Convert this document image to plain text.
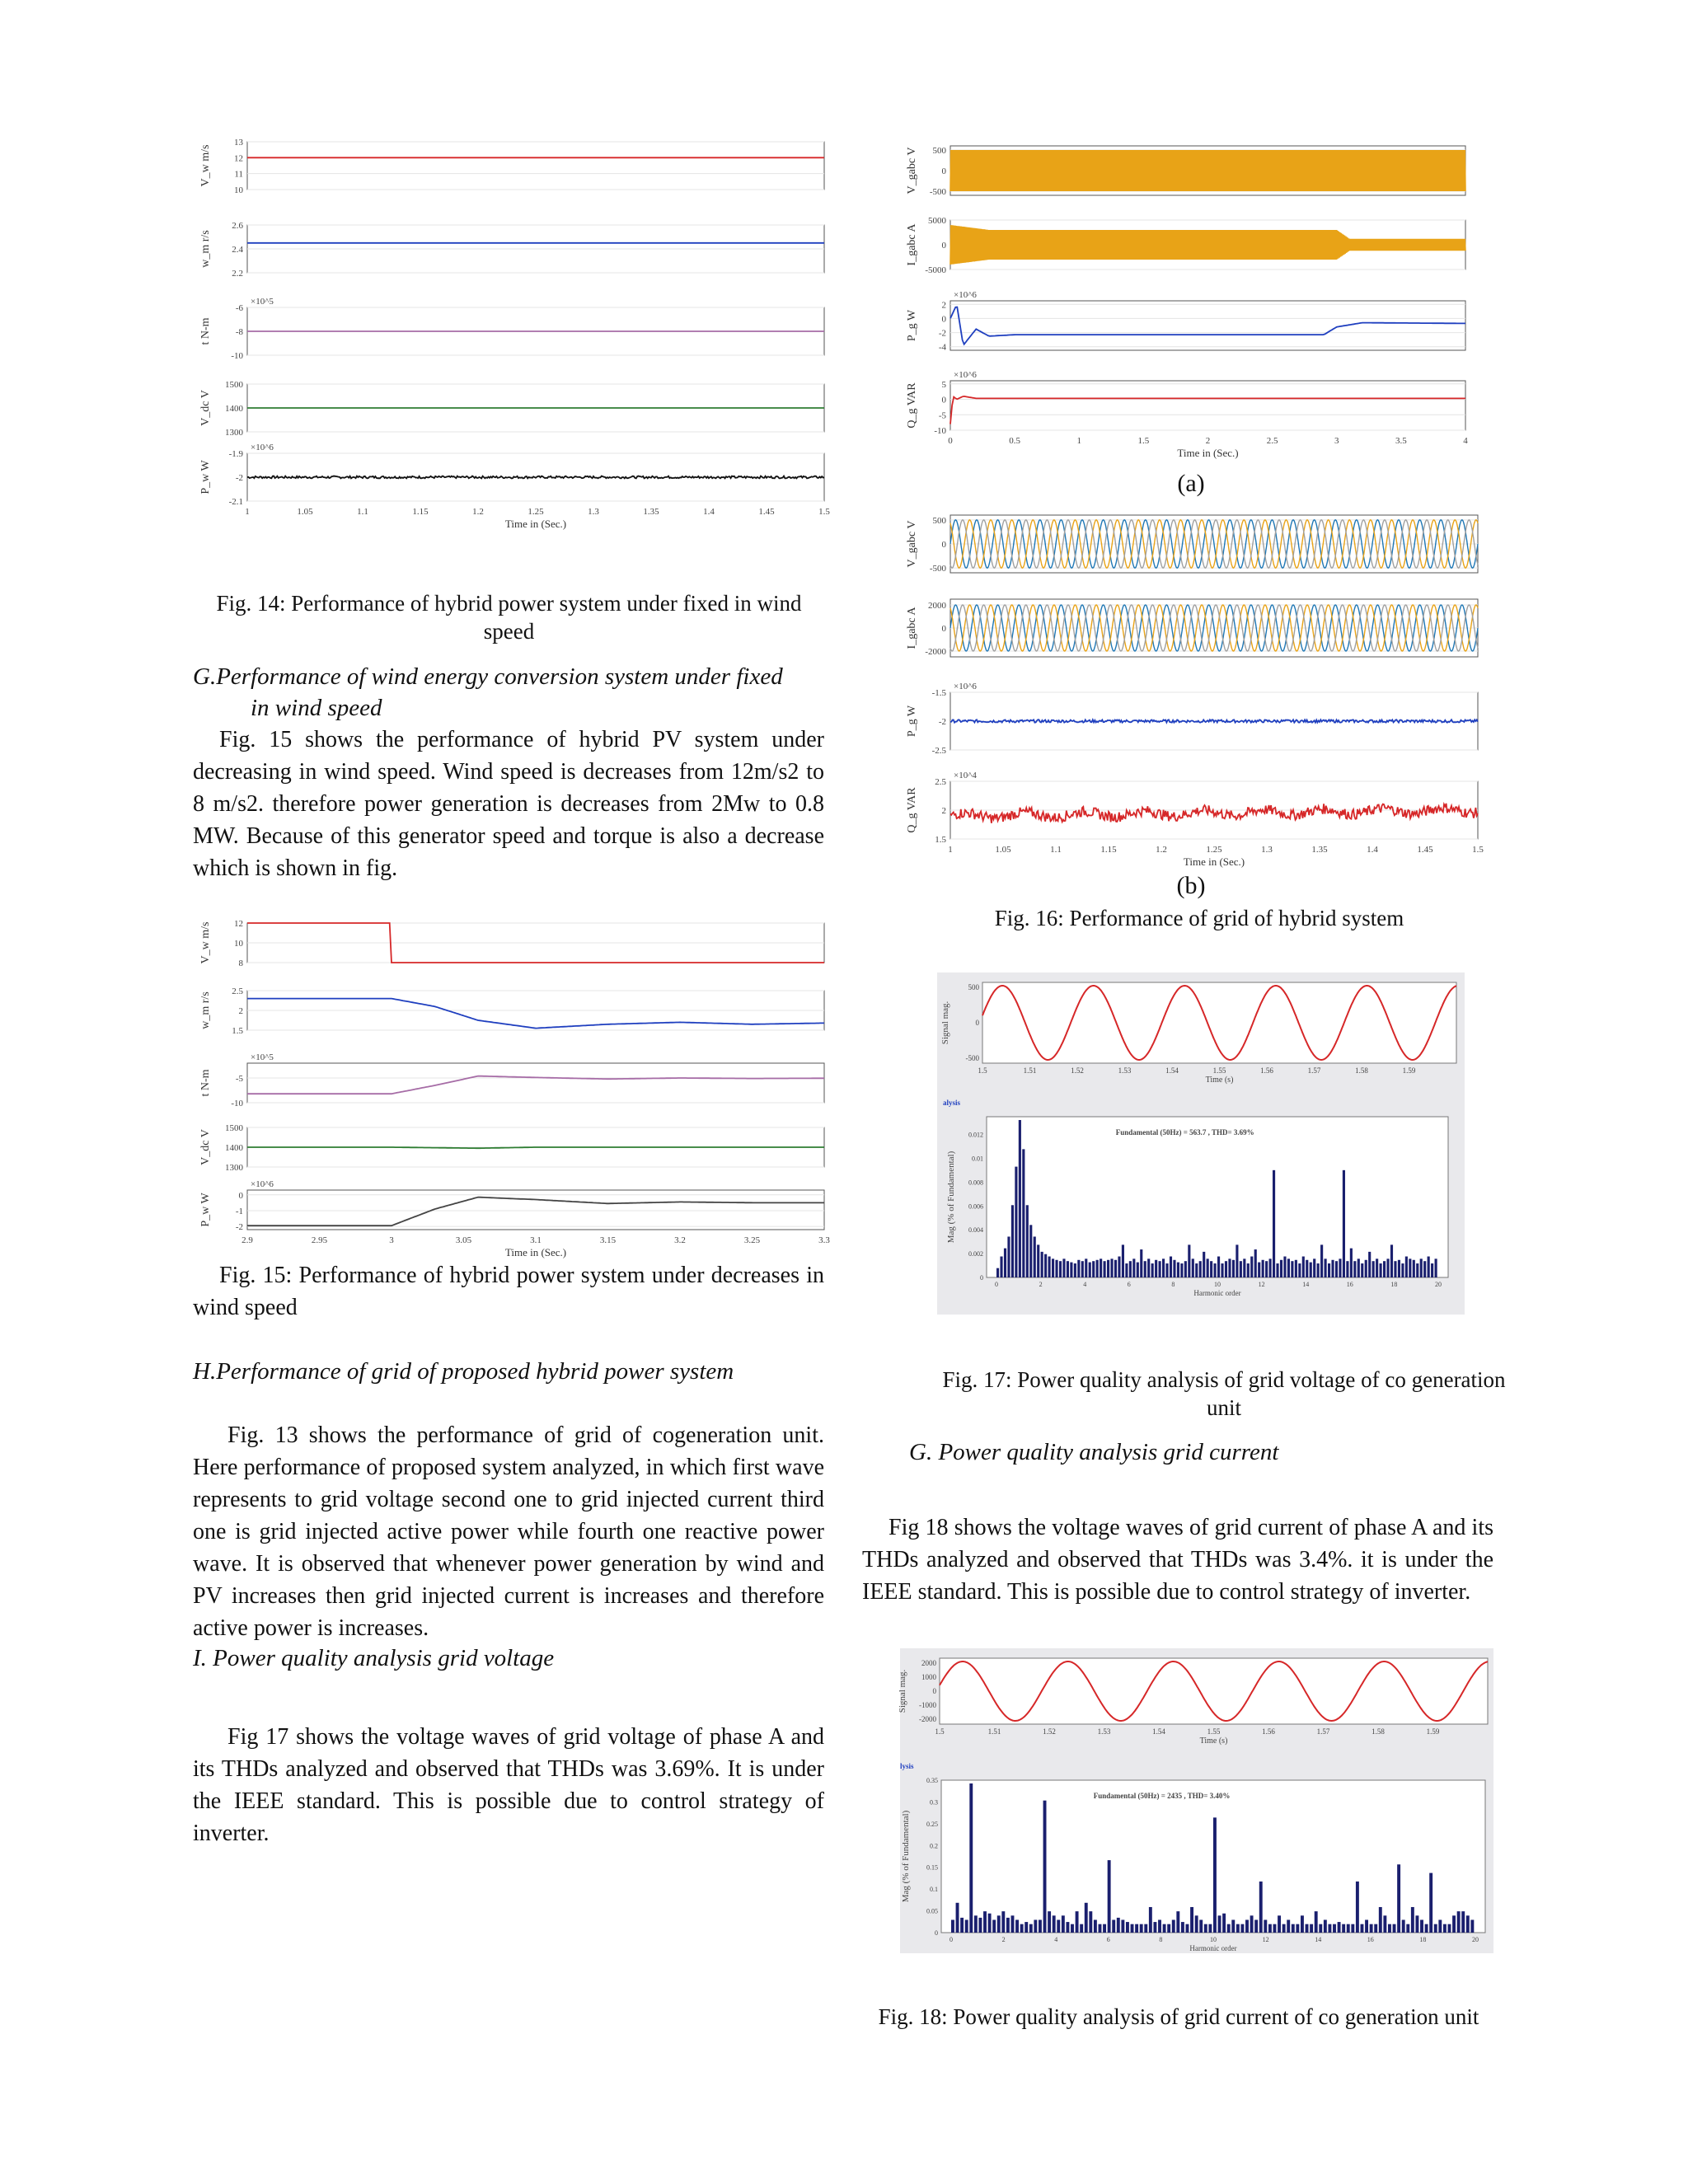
V_w m/s
13
12
11
10
w_m r/s
2.6
2.4
2.2
t N-m
×10^5
-6
-8
-10
V_dc V
1500
1400
1300
P_w W
×10^6
-1.9
-2
-2.1
1	1.05	1.1	1.15	1.2	1.25	1.3	1.35	1.4	1.45	1.5
Time in (Sec.)

Fig. 14: Performance of hybrid power system under fixed in wind speed

G.Performance of wind energy conversion system under fixed

in wind speed

Fig. 15 shows the performance of hybrid PV system under decreasing in wind speed. Wind speed is decreases from 12m/s2 to 8 m/s2. therefore power generation is decreases from 2Mw to 0.8 MW. Because of this generator speed and torque is also a decrease which is shown in fig.

V_w m/s 12
10
8
w_m r/s
2.5
2
1.5
t N-m
×10^5
-5
-10
V_dc V
1500
1400
1300
P_w W
×10^6
0
-1
-2
2.9	2.95	3	3.05	3.1	3.15	3.2	3.25	3.3
Time in (Sec.)

Fig. 15: Performance of hybrid power system under decreases in wind speed

H.Performance of grid of proposed hybrid power system

Fig. 13 shows the performance of grid of cogeneration unit. Here performance of proposed system analyzed, in which first wave represents to grid voltage second one to grid injected current third one is grid injected active power while fourth one reactive power wave. It is observed that whenever power generation by wind and PV increases then grid injected current is increases and therefore active power is increases.

I. Power quality analysis grid voltage

Fig 17 shows the voltage waves of grid voltage of phase A and its THDs analyzed and observed that THDs was 3.69%. It is under the IEEE standard. This is possible due to control strategy of inverter.

V_gabc V 500
0
-500
I_gabc A
5000
0
-5000
P_g W
×10^6
2
0
-2
-4
Q_g VAR
×10^6
5
0
-5
-10
0	0.5	1	1.5	2	2.5	3	3.5	4
Time in (Sec.)

(a)

V_gabc V 500
0
-500
I_gabc A
2000
0
-2000
P_g W
×10^6
-1.5
-2
-2.5
Q_g VAR
×10^4
2.5
2
1.5
1	1.05	1.1	1.15	1.2	1.25	1.3	1.35	1.4	1.45	1.5
Time in (Sec.)

(b)

Fig. 16: Performance of grid of hybrid system

Signal mag.
500
0
-500
1.5	1.51	1.52	1.53	1.54	1.55	1.56	1.57	1.58	1.59
Time (s)
alysis
Mag (% of Fundamental)
0.012
0.01
0.008
0.006
0.004
0.002
0
0	2	4	6	8	10	12	14	16	18	20
Harmonic order
Fundamental (50Hz) = 563.7 , THD= 3.69%

Fig. 17: Power quality analysis of grid voltage of co generation unit

G. Power quality analysis grid current

Fig 18 shows the voltage waves of grid current of phase A and its THDs analyzed and observed that THDs was 3.4%. it is under the IEEE standard. This is possible due to control strategy of inverter.

Signal mag.
2000
1000
0
-1000
-2000
1.5	1.51	1.52	1.53	1.54	1.55	1.56	1.57	1.58	1.59
Time (s)
lysis
Mag (% of Fundamental)
0.35
0.3
0.25
0.2
0.15
0.1
0.05
0
0	2	4	6	8	10	12	14	16	18	20
Harmonic order
Fundamental (50Hz) = 2435 , THD= 3.40%

Fig. 18: Power quality analysis of grid current of co generation unit
